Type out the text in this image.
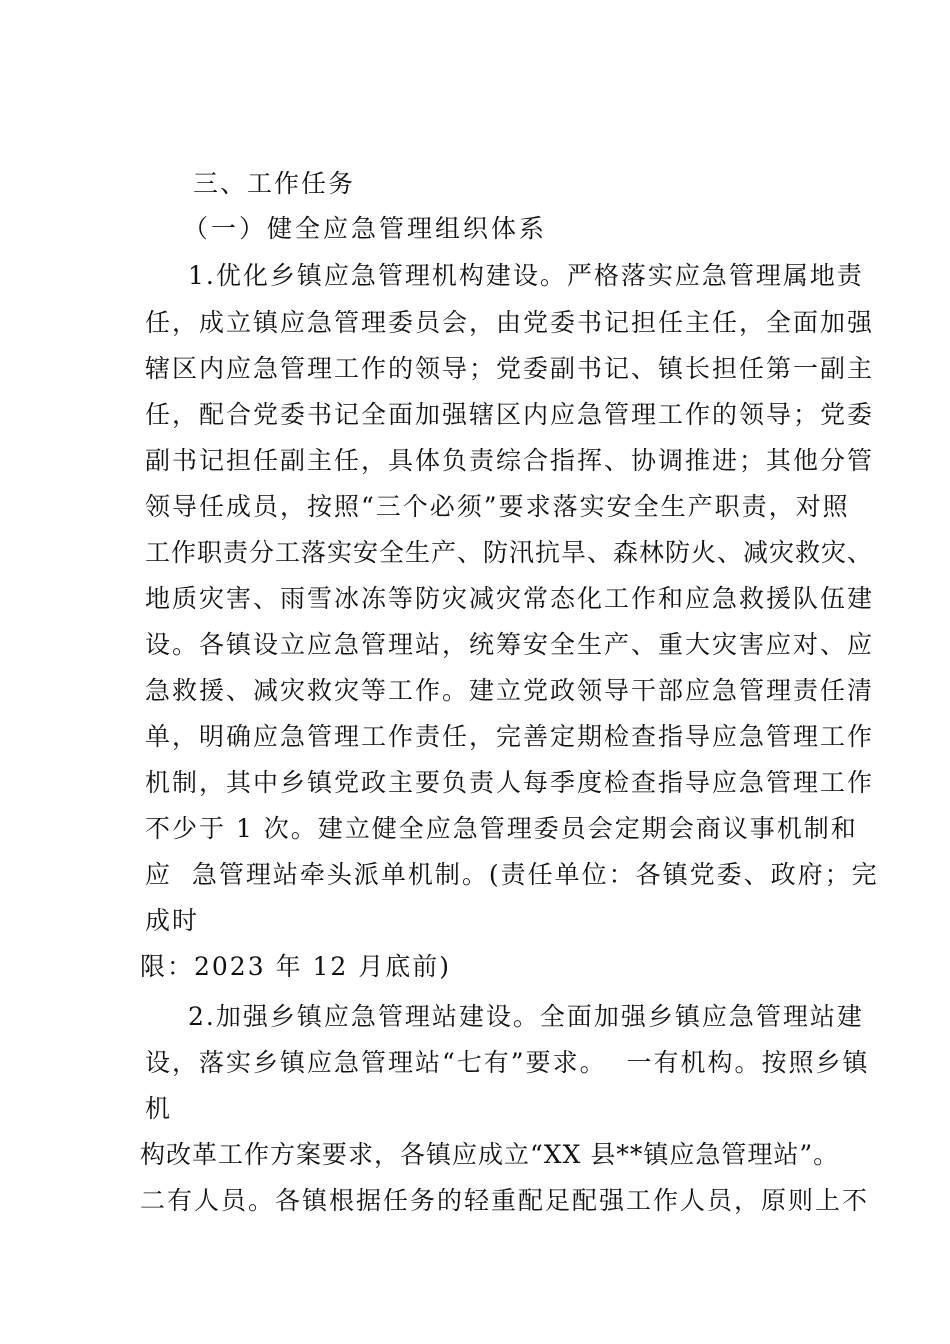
三、工作任务
（一）健全应急管理组织体系
1.优化乡镇应急管理机构建设。严格落实应急管理属地责
任，成立镇应急管理委员会，由党委书记担任主任，全面加强
辖区内应急管理工作的领导；党委副书记、镇长担任第一副主
任，配合党委书记全面加强辖区内应急管理工作的领导；党委
副书记担任副主任，具体负责综合指挥、协调推进；其他分管
领导任成员，按照“三个必须”要求落实安全生产职责，对照
工作职责分工落实安全生产、防汛抗旱、森林防火、减灾救灾、
地质灾害、雨雪冰冻等防灾减灾常态化工作和应急救援队伍建
设。各镇设立应急管理站，统筹安全生产、重大灾害应对、应
急救援、减灾救灾等工作。建立党政领导干部应急管理责任清
单，明确应急管理工作责任，完善定期检查指导应急管理工作
机制，其中乡镇党政主要负责人每季度检查指导应急管理工作
不少于 1 次。建立健全应急管理委员会定期会商议事机制和
应  急管理站牵头派单机制。(责任单位：各镇党委、政府；完
成时
限：2023 年 12 月底前)
2.加强乡镇应急管理站建设。全面加强乡镇应急管理站建
设，落实乡镇应急管理站“七有”要求。  一有机构。按照乡镇
机
构改革工作方案要求，各镇应成立“XX 县**镇应急管理站”。
二有人员。各镇根据任务的轻重配足配强工作人员，原则上不
